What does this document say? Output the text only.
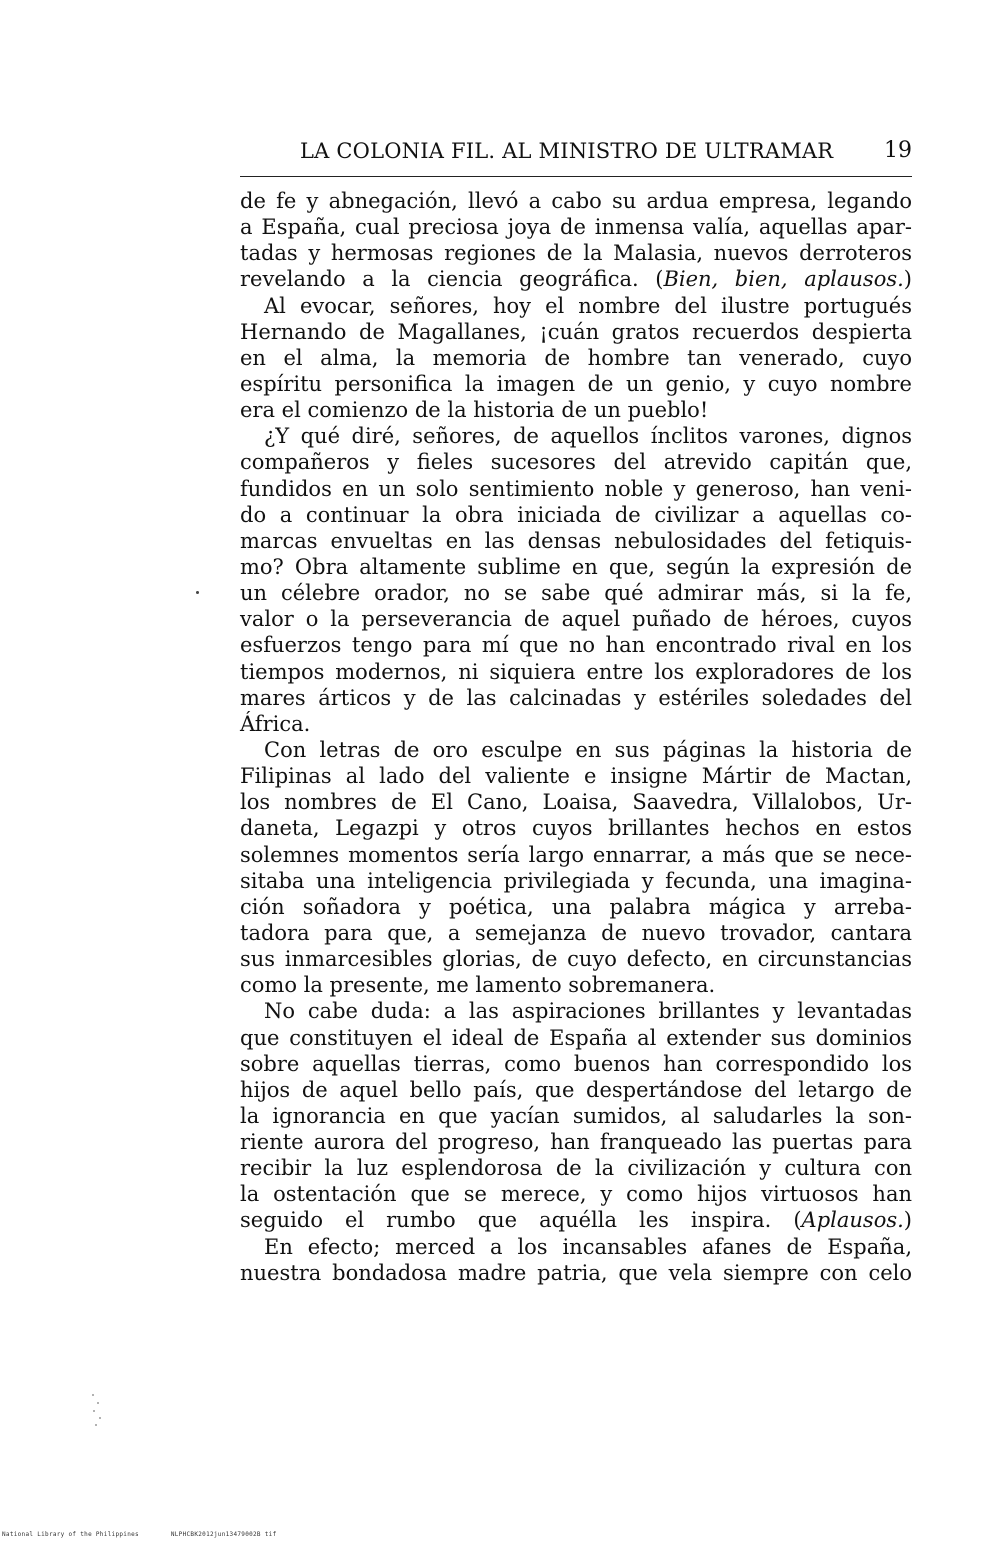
LA COLONIA FIL. AL MINISTRO DE ULTRAMAR 19
de fe y abnegación, llevó a cabo su ardua empresa, legando
a España, cual preciosa joya de inmensa valía, aquellas apar-
tadas y hermosas regiones de la Malasia, nuevos derroteros
revelando a la ciencia geográfica. (Bien, bien, aplausos.)
Al evocar, señores, hoy el nombre del ilustre portugués
Hernando de Magallanes, ¡cuán gratos recuerdos despierta
en el alma, la memoria de hombre tan venerado, cuyo
espíritu personifica la imagen de un genio, y cuyo nombre
era el comienzo de la historia de un pueblo!
¿Y qué diré, señores, de aquellos ínclitos varones, dignos
compañeros y fieles sucesores del atrevido capitán que,
fundidos en un solo sentimiento noble y generoso, han veni-
do a continuar la obra iniciada de civilizar a aquellas co-
marcas envueltas en las densas nebulosidades del fetiquis-
mo? Obra altamente sublime en que, según la expresión de
un célebre orador, no se sabe qué admirar más, si la fe,
valor o la perseverancia de aquel puñado de héroes, cuyos
esfuerzos tengo para mí que no han encontrado rival en los
tiempos modernos, ni siquiera entre los exploradores de los
mares árticos y de las calcinadas y estériles soledades del
África.
Con letras de oro esculpe en sus páginas la historia de
Filipinas al lado del valiente e insigne Mártir de Mactan,
los nombres de El Cano, Loaisa, Saavedra, Villalobos, Ur-
daneta, Legazpi y otros cuyos brillantes hechos en estos
solemnes momentos sería largo ennarrar, a más que se nece-
sitaba una inteligencia privilegiada y fecunda, una imagina-
ción soñadora y poética, una palabra mágica y arreba-
tadora para que, a semejanza de nuevo trovador, cantara
sus inmarcesibles glorias, de cuyo defecto, en circunstancias
como la presente, me lamento sobremanera.
No cabe duda: a las aspiraciones brillantes y levantadas
que constituyen el ideal de España al extender sus dominios
sobre aquellas tierras, como buenos han correspondido los
hijos de aquel bello país, que despertándose del letargo de
la ignorancia en que yacían sumidos, al saludarles la son-
riente aurora del progreso, han franqueado las puertas para
recibir la luz esplendorosa de la civilización y cultura con
la ostentación que se merece, y como hijos virtuosos han
seguido el rumbo que aquélla les inspira. (Aplausos.)
En efecto; merced a los incansables afanes de España,
nuestra bondadosa madre patria, que vela siempre con celo
National Library of the Philippines	NLPHCBK2012jun13479002B tif
